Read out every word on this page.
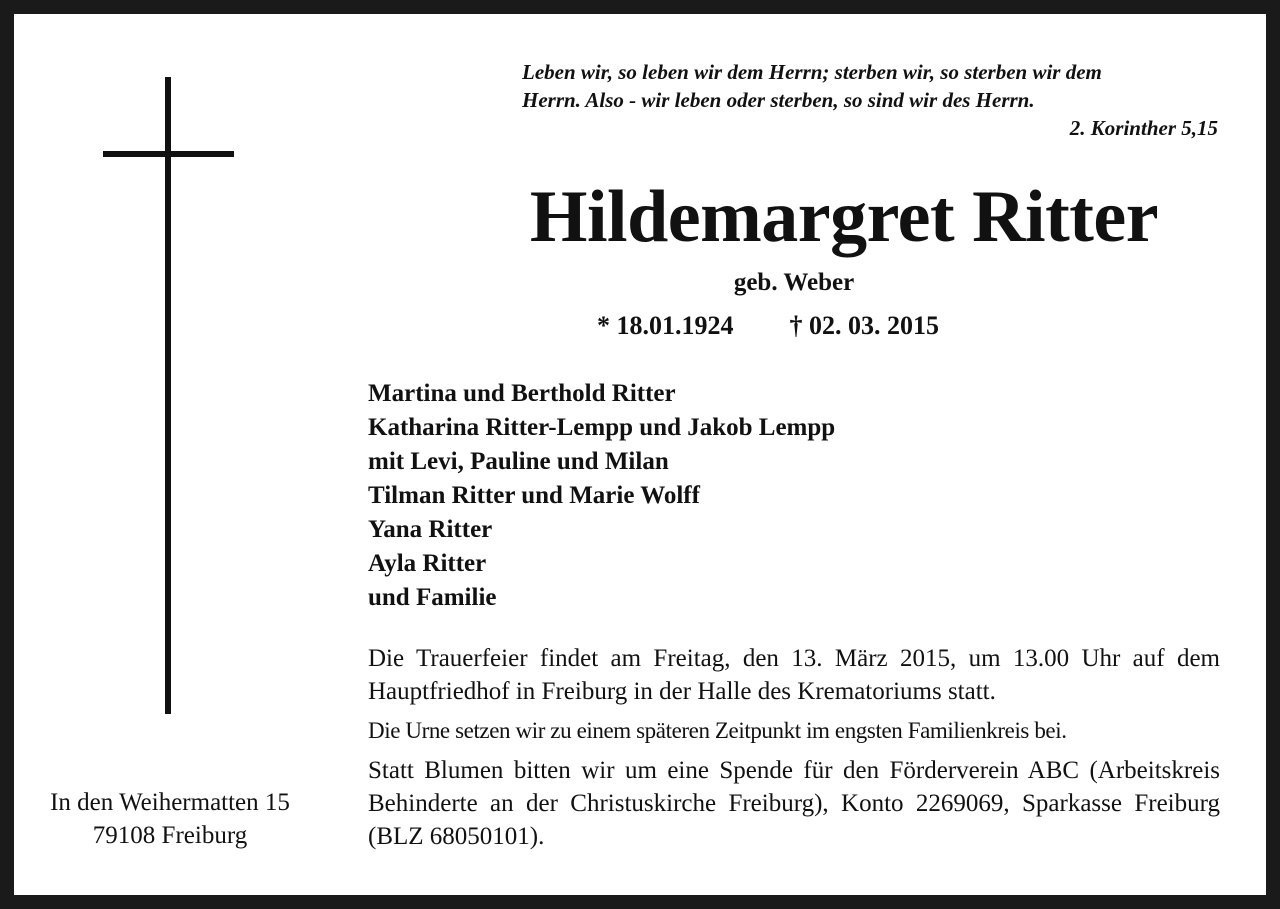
Leben wir, so leben wir dem Herrn; sterben wir, so sterben wir dem
Herrn. Also - wir leben oder sterben, so sind wir des Herrn.
2. Korinther 5,15
Hildemargret Ritter
geb. Weber
* 18.01.1924 † 02. 03. 2015
Martina und Berthold Ritter
Katharina Ritter-Lempp und Jakob Lempp
mit Levi, Pauline und Milan
Tilman Ritter und Marie Wolff
Yana Ritter
Ayla Ritter
und Familie
Die Trauerfeier findet am Freitag, den 13. März 2015, um 13.00 Uhr auf dem Hauptfriedhof in Freiburg in der Halle des Krematoriums statt.
Die Urne setzen wir zu einem späteren Zeitpunkt im engsten Familienkreis bei.
Statt Blumen bitten wir um eine Spende für den Förderverein ABC (Arbeitskreis Behinderte an der Christuskirche Freiburg), Konto 2269069, Sparkasse Freiburg (BLZ 68050101).
In den Weihermatten 15
79108 Freiburg
